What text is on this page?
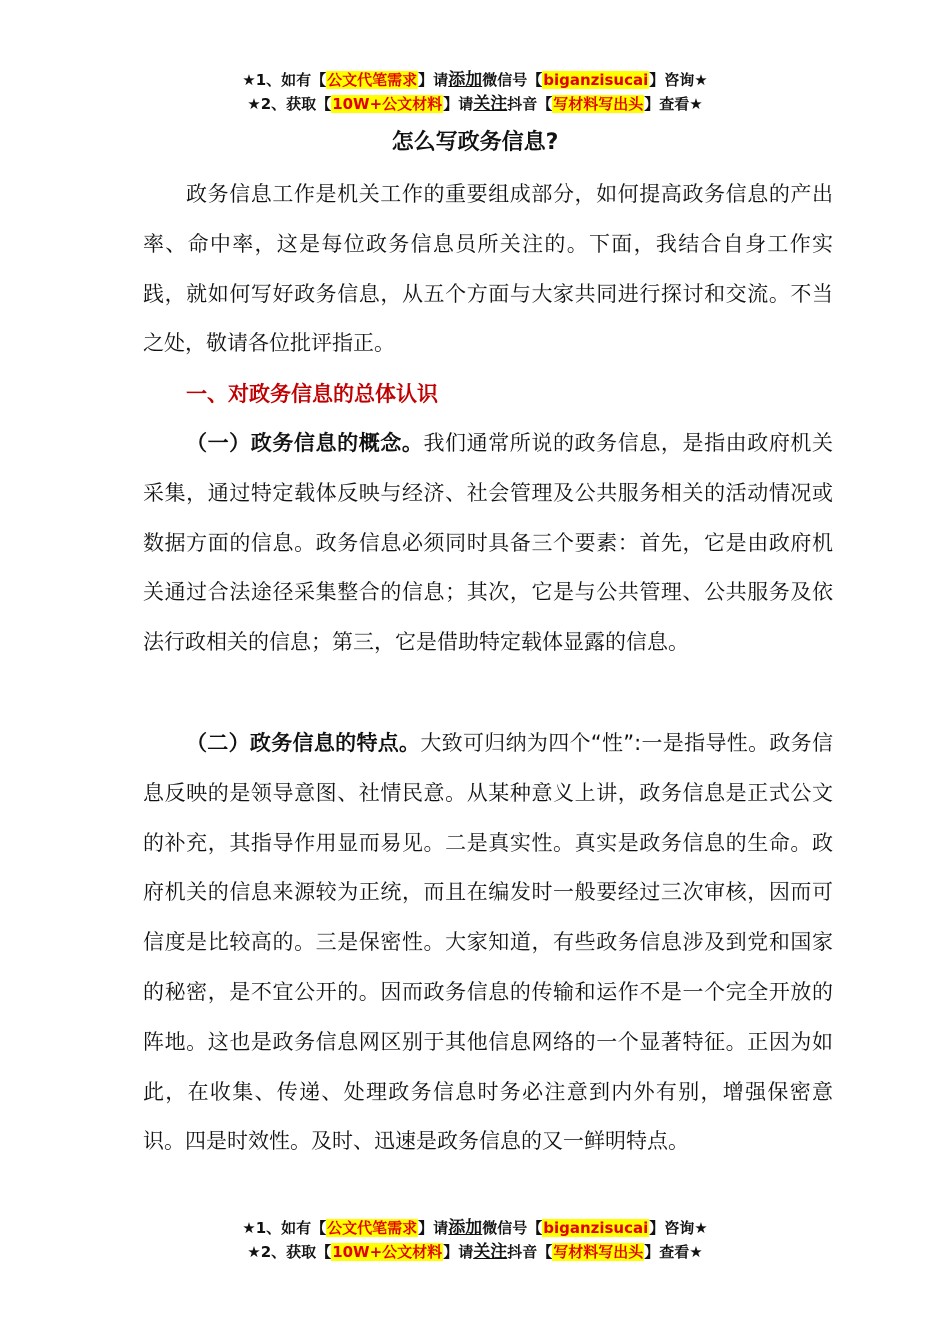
★1、如有【公文代笔需求】请添加微信号【biganzisucai】咨询★
★2、获取【10W+公文材料】请关注抖音【写材料写出头】查看★
怎么写政务信息?

政务信息工作是机关工作的重要组成部分，如何提高政务信息的产出率、命中率，这是每位政务信息员所关注的。下面，我结合自身工作实践，就如何写好政务信息，从五个方面与大家共同进行探讨和交流。不当之处，敬请各位批评指正。

一、对政务信息的总体认识

（一）政务信息的概念。我们通常所说的政务信息，是指由政府机关采集，通过特定载体反映与经济、社会管理及公共服务相关的活动情况或数据方面的信息。政务信息必须同时具备三个要素：首先，它是由政府机关通过合法途径采集整合的信息；其次，它是与公共管理、公共服务及依法行政相关的信息；第三，它是借助特定载体显露的信息。

（二）政务信息的特点。大致可归纳为四个“性”:一是指导性。政务信息反映的是领导意图、社情民意。从某种意义上讲，政务信息是正式公文的补充，其指导作用显而易见。二是真实性。真实是政务信息的生命。政府机关的信息来源较为正统，而且在编发时一般要经过三次审核，因而可信度是比较高的。三是保密性。大家知道，有些政务信息涉及到党和国家的秘密，是不宜公开的。因而政务信息的传输和运作不是一个完全开放的阵地。这也是政务信息网区别于其他信息网络的一个显著特征。正因为如此，在收集、传递、处理政务信息时务必注意到内外有别，增强保密意识。四是时效性。及时、迅速是政务信息的又一鲜明特点。

★1、如有【公文代笔需求】请添加微信号【biganzisucai】咨询★
★2、获取【10W+公文材料】请关注抖音【写材料写出头】查看★
